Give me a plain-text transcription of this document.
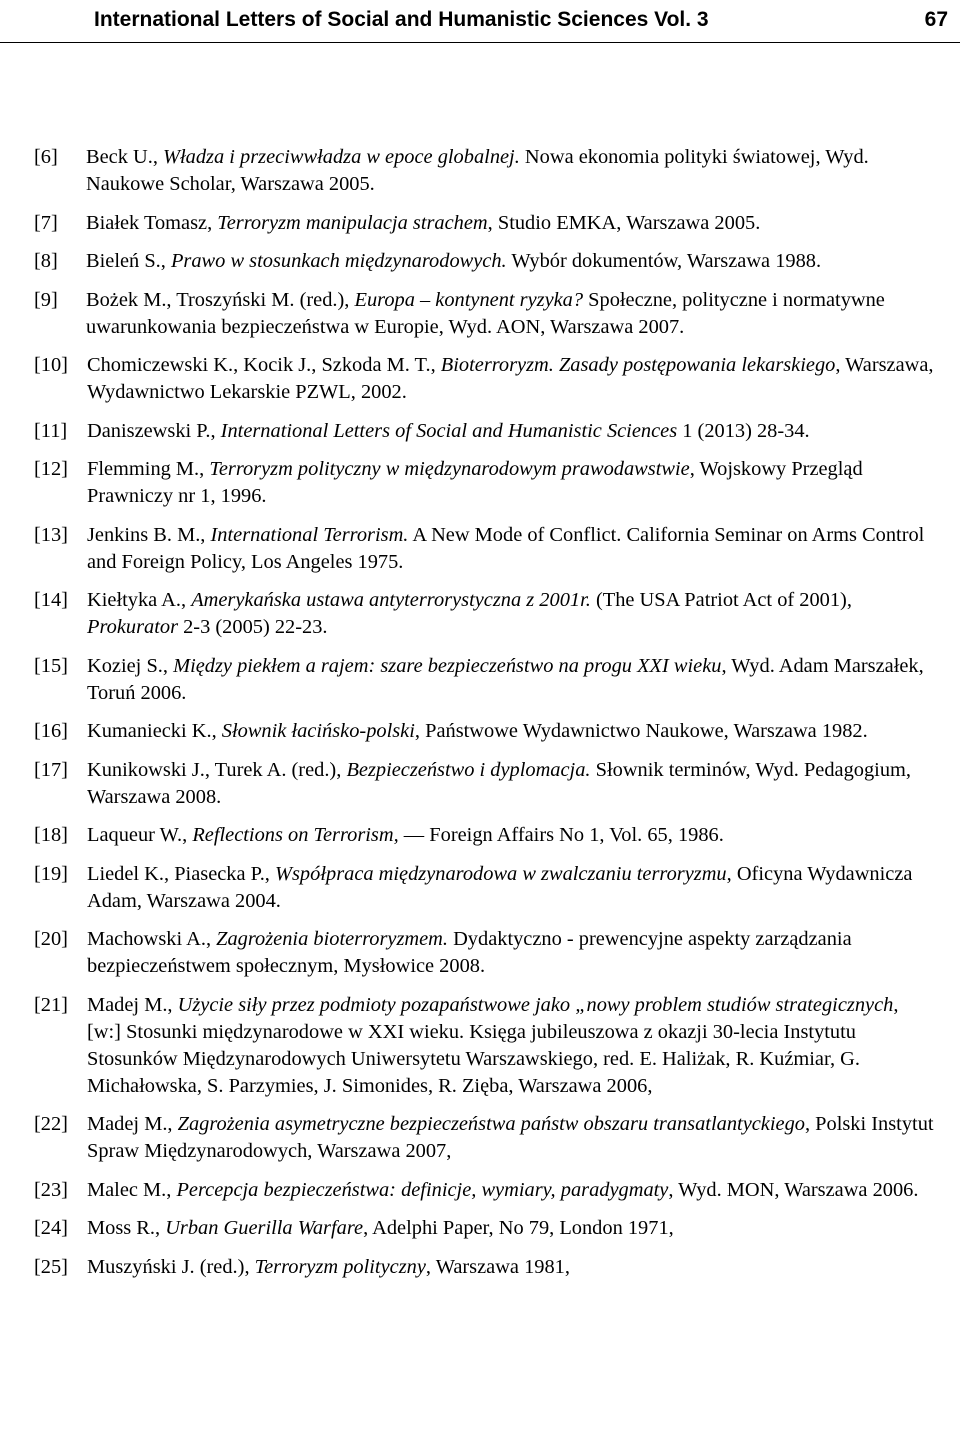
International Letters of Social and Humanistic Sciences Vol. 3	67
[6]	Beck U., Władza i przeciwwładza w epoce globalnej. Nowa ekonomia polityki światowej, Wyd. Naukowe Scholar, Warszawa 2005.
[7]	Białek Tomasz, Terroryzm manipulacja strachem, Studio EMKA, Warszawa 2005.
[8]	Bieleń S., Prawo w stosunkach międzynarodowych. Wybór dokumentów, Warszawa 1988.
[9]	Bożek M., Troszyński M. (red.), Europa – kontynent ryzyka? Społeczne, polityczne i normatywne uwarunkowania bezpieczeństwa w Europie, Wyd. AON, Warszawa 2007.
[10] Chomiczewski K., Kocik J., Szkoda M. T., Bioterroryzm. Zasady postępowania lekarskiego, Warszawa, Wydawnictwo Lekarskie PZWL, 2002.
[11] Daniszewski P., International Letters of Social and Humanistic Sciences 1 (2013) 28-34.
[12] Flemming M., Terroryzm polityczny w międzynarodowym prawodawstwie, Wojskowy Przegląd Prawniczy nr 1, 1996.
[13] Jenkins B. M., International Terrorism. A New Mode of Conflict. California Seminar on Arms Control and Foreign Policy, Los Angeles 1975.
[14] Kiełtyka A., Amerykańska ustawa antyterrorystyczna z 2001r. (The USA Patriot Act of 2001), Prokurator 2-3 (2005) 22-23.
[15] Koziej S., Między piekłem a rajem: szare bezpieczeństwo na progu XXI wieku, Wyd. Adam Marszałek, Toruń 2006.
[16] Kumaniecki K., Słownik łacińsko-polski, Państwowe Wydawnictwo Naukowe, Warszawa 1982.
[17] Kunikowski J., Turek A. (red.), Bezpieczeństwo i dyplomacja. Słownik terminów, Wyd. Pedagogium, Warszawa 2008.
[18] Laqueur W., Reflections on Terrorism, ― Foreign Affairs No 1, Vol. 65, 1986.
[19] Liedel K., Piasecka P., Współpraca międzynarodowa w zwalczaniu terroryzmu, Oficyna Wydawnicza Adam, Warszawa 2004.
[20] Machowski A., Zagrożenia bioterroryzmem. Dydaktyczno - prewencyjne aspekty zarządzania bezpieczeństwem społecznym, Mysłowice 2008.
[21] Madej M., Użycie siły przez podmioty pozapaństwowe jako „nowy problem studiów strategicznych, [w:] Stosunki międzynarodowe w XXI wieku. Księga jubileuszowa z okazji 30-lecia Instytutu Stosunków Międzynarodowych Uniwersytetu Warszawskiego, red. E. Haliżak, R. Kuźmiar, G. Michałowska, S. Parzymies, J. Simonides, R. Zięba, Warszawa 2006,
[22] Madej M., Zagrożenia asymetryczne bezpieczeństwa państw obszaru transatlantyckiego, Polski Instytut Spraw Międzynarodowych, Warszawa 2007,
[23] Malec M., Percepcja bezpieczeństwa: definicje, wymiary, paradygmaty, Wyd. MON, Warszawa 2006.
[24] Moss R., Urban Guerilla Warfare, Adelphi Paper, No 79, London 1971,
[25] Muszyński J. (red.), Terroryzm polityczny, Warszawa 1981,
